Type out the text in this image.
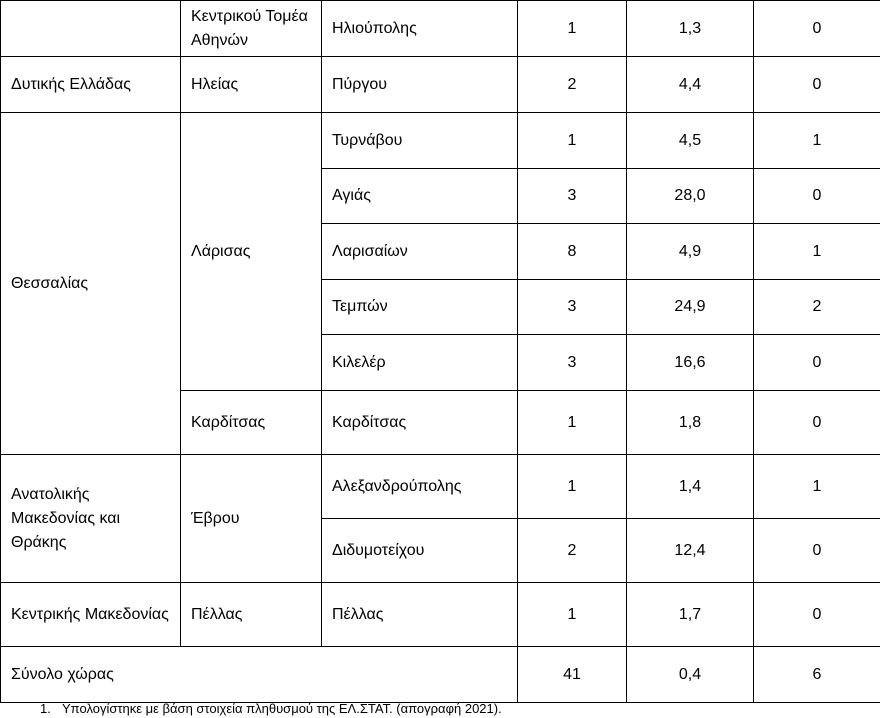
	Κεντρικού Τομέα Αθηνών	Ηλιούπολης	1	1,3	0
Δυτικής Ελλάδας	Ηλείας	Πύργου	2	4,4	0
Θεσσαλίας	Λάρισας	Τυρνάβου	1	4,5	1
		Αγιάς	3	28,0	0
		Λαρισαίων	8	4,9	1
		Τεμπών	3	24,9	2
		Κιλελέρ	3	16,6	0
	Καρδίτσας	Καρδίτσας	1	1,8	0
Ανατολικής Μακεδονίας και Θράκης	Έβρου	Αλεξανδρούπολης	1	1,4	1
		Διδυμοτείχου	2	12,4	0
Κεντρικής Μακεδονίας	Πέλλας	Πέλλας	1	1,7	0
Σύνολο χώρας			41	0,4	6
1. Υπολογίστηκε με βάση στοιχεία πληθυσμού της ΕΛ.ΣΤΑΤ. (απογραφή 2021).
